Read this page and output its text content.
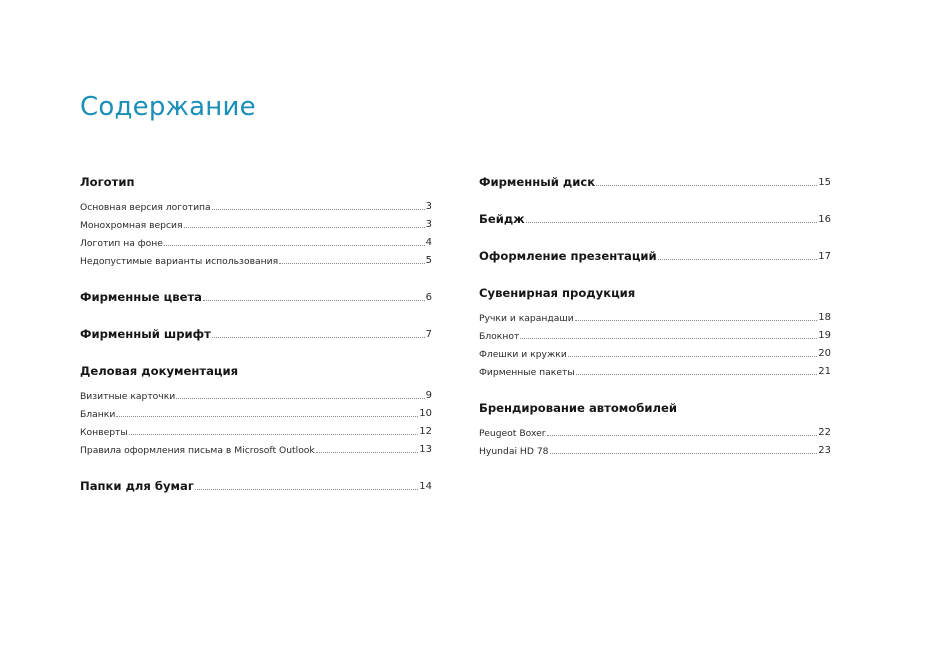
Содержание
Логотип
Основная версия логотипа	3
Монохромная версия	3
Логотип на фоне	4
Недопустимые варианты использования	5
Фирменные цвета	6
Фирменный шрифт	7
Деловая документация
Визитные карточки	9
Бланки	10
Конверты	12
Правила оформления письма в Microsoft Outlook	13
Папки для бумаг	14
Фирменный диск	15
Бейдж	16
Оформление презентаций	17
Сувенирная продукция
Ручки и карандаши	18
Блокнот	19
Флешки и кружки	20
Фирменные пакеты	21
Брендирование автомобилей
Peugeot Boxer	22
Hyundai HD 78	23
